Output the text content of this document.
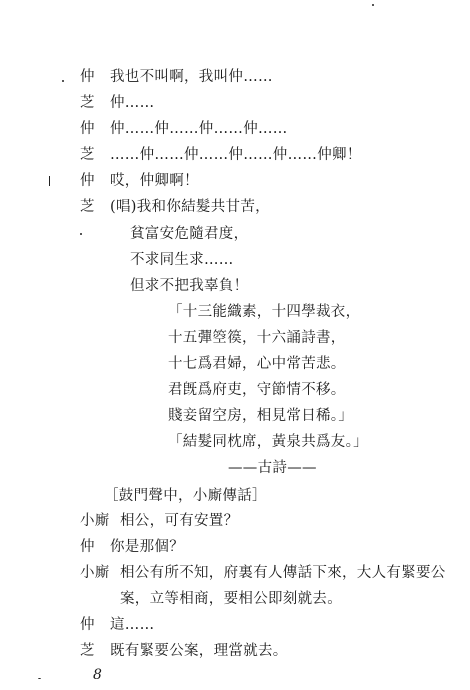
仲 我也不叫啊，我叫仲……
芝 仲……
仲 仲……仲……仲……仲……
芝 ……仲……仲……仲……仲……仲卿！
仲 哎，仲卿啊！
芝 (唱)我和你結髮共甘苦，
貧富安危隨君度，
不求同生求……
但求不把我辜負！
「十三能織素，十四學裁衣，
十五彈箜篌，十六誦詩書，
十七爲君婦，心中常苦悲。
君旣爲府吏，守節情不移。
賤妾留空房，相見常日稀。」
「結髮同枕席，黃泉共爲友。」
——古詩——
［鼓門聲中，小廝傳話］
小廝 相公，可有安置？
仲 你是那個？
小廝 相公有所不知，府裏有人傳話下來，大人有緊要公
案，立等相商，要相公即刻就去。
仲 這……
芝 既有緊要公案，理當就去。
8
